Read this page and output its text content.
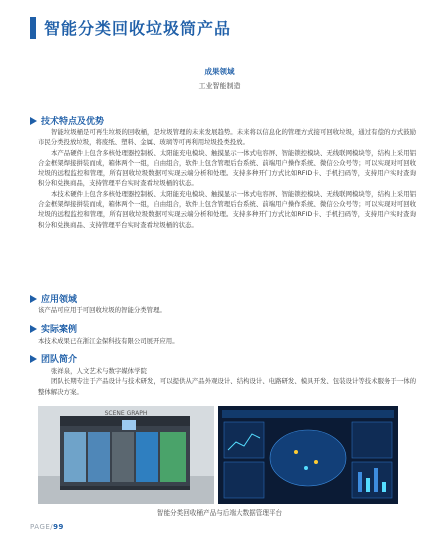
智能分类回收垃圾筒产品
成果领域
工业智能制造
技术特点及优势

智能垃圾桶是可再生垃圾的回收桶，是垃圾管理的未来发展趋势。未来将以信息化的管理方式接可回收垃圾，通过有偿的方式鼓励市民分类投放垃圾，将废纸、塑料、金属、玻璃等可再利用垃圾投类投放。

本产品硬件上包含多核处理器控制板、太阳能充电模块、触摸显示一体式电容屏、智能锁控模块、无线联网模块等，结构上采用铝合金框架焊接拼装而成，箱体两个一组，自由组合，软件上包含管理后台系统、前端用户操作系统、微信公众号等；可以实现对可回收垃圾的远程监控和管理，所有回收垃圾数据可实现云端分析和处理。支持多种开门方式比如RFID卡、手机扫码等，支持用户实时查询积分和兑换商品，支持管理平台实时查看垃圾桶的状态。

本技术硬件上包含多核处理器控制板、太阳能充电模块、触摸显示一体式电容屏、智能锁控模块、无线联网模块等，结构上采用铝合金框架焊接拼装而成，箱体两个一组，自由组合，软件上包含管理后台系统、前端用户操作系统、微信公众号等；可以实现对可回收垃圾的远程监控和管理，所有回收垃圾数据可实现云端分析和处理。支持多种开门方式比如RFID卡、手机扫码等，支持用户实时查询积分和兑换商品、支持管理平台实时查看垃圾桶的状态。

应用领域
该产品可应用于可回收垃圾的智能分类管理。
实际案例
本技术成果已在浙江金保科技有限公司展开应用。
团队简介

张祥泉，人文艺术与数字媒体学院

团队长期专注于产品设计与技术研发，可以提供从产品外观设计、结构设计、电路研发、模具开发、包装设计等技术服务于一体的整体解决方案。

SCENE GRAPH
智能分类回收桶产品与后端大数据管理平台
PAGE/99
